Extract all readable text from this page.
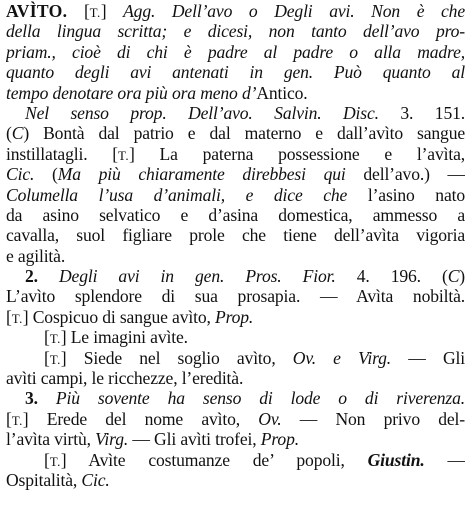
AVÌTO. [T.] Agg. Dell’avo o Degli avi. Non è che
della lingua scritta; e dicesi, non tanto dell’avo pro-
priam., cioè di chi è padre al padre o alla madre,
quanto degli avi antenati in gen. Può quanto al
tempo denotare ora più ora meno d’Antico.
Nel senso prop. Dell’avo. Salvin. Disc. 3. 151.
(C) Bontà dal patrio e dal materno e dall’avìto sangue
instillatagli. [T.] La paterna possessione e l’avìta,
Cic. (Ma più chiaramente direbbesi qui dell’avo.) —
Columella l’usa d’animali, e dice che l’asino nato
da asino selvatico e d’asina domestica, ammesso a
cavalla, suol figliare prole che tiene dell’avìta vigoria
e agilità.
2. Degli avi in gen. Pros. Fior. 4. 196. (C)
L’avìto splendore di sua prosapia. — Avìta nobiltà.
[T.] Cospicuo di sangue avìto, Prop.
[T.] Le imagini avìte.
[T.] Siede nel soglio avìto, Ov. e Virg. — Gli
avìti campi, le ricchezze, l’eredità.
3. Più sovente ha senso di lode o di riverenza.
[T.] Erede del nome avìto, Ov. — Non privo del-
l’avìta virtù, Virg. — Gli avìti trofei, Prop.
[T.] Avìte costumanze de’ popoli, Giustin. —
Ospitalità, Cic.
